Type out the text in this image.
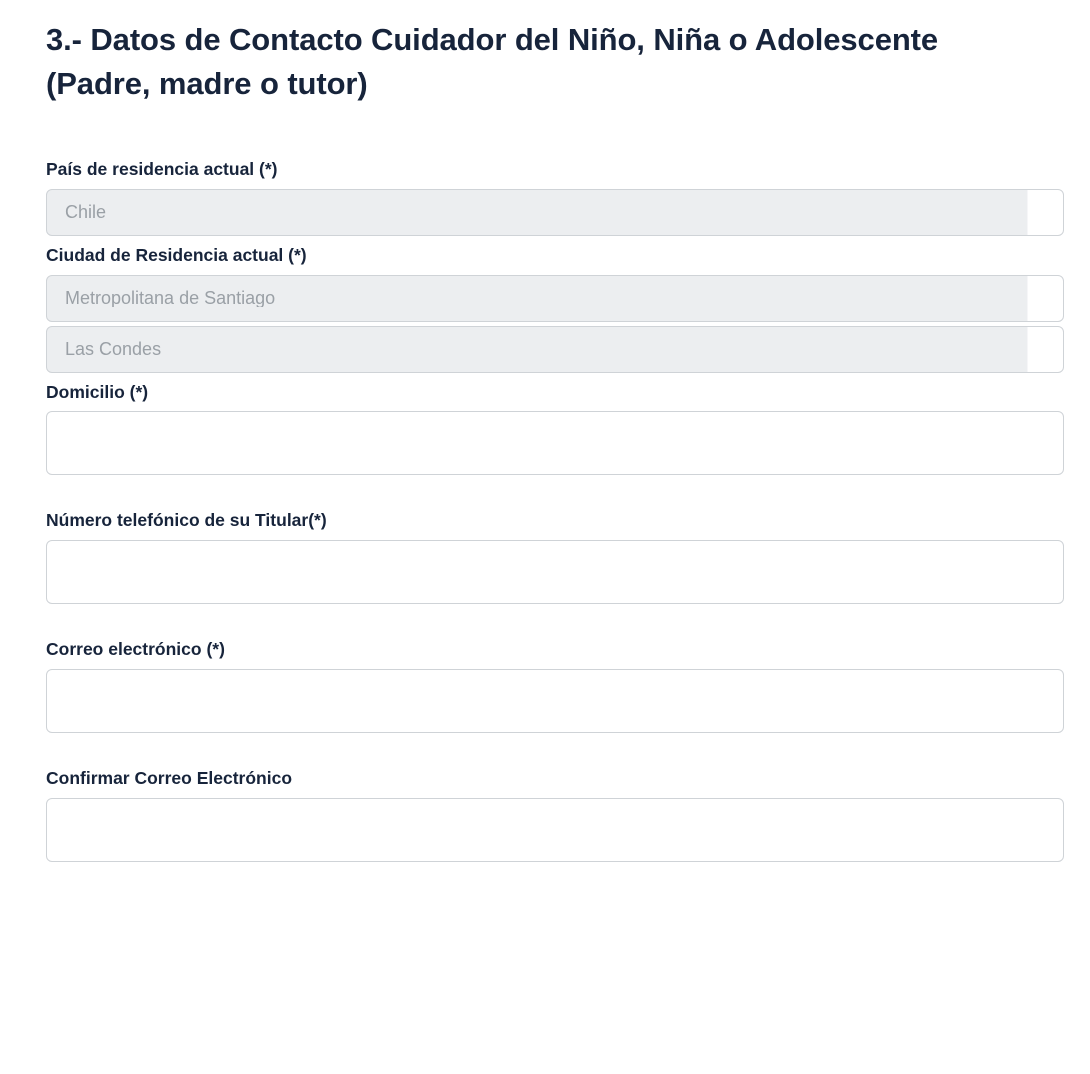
3.- Datos de Contacto Cuidador del Niño, Niña o Adolescente (Padre, madre o tutor)
País de residencia actual (*)
Chile
Ciudad de Residencia actual (*)
Metropolitana de Santiago
Las Condes
Domicilio (*)
Número telefónico de su Titular(*)
Correo electrónico (*)
Confirmar Correo Electrónico
